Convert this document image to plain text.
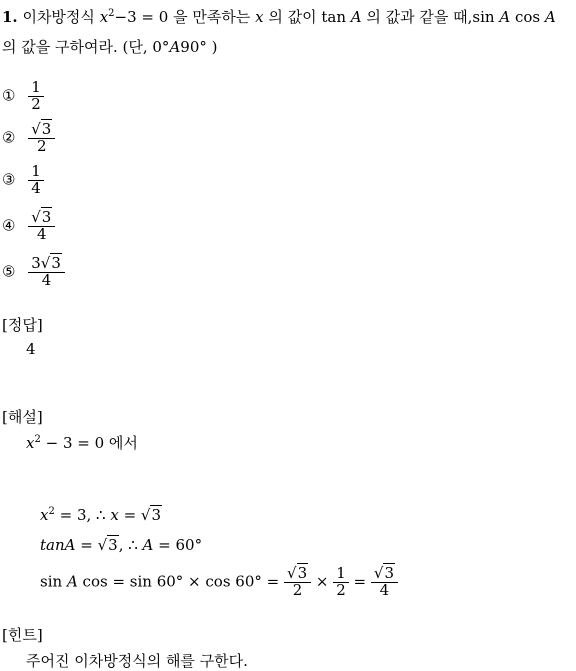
1. 이차방정식 $x^2-3 = 0$ 을 만족하는 x 의 값이 tan A 의 값과 같을 때,sin A cos A
의 값을 구하여라. (단, 0°A90° )
① $\frac{1}{2}$
② $\frac{√3}{2}$
③ $\frac{1}{4}$
④ $\frac{√3}{4}$
⑤ $\frac{3√3}{4}$
[정답]
4
[해설]
$x^2 - 3 = 0$ 에서
$x^2 = 3$, ∴ x = √3
tanA = √3, ∴ A = 60°
sin A $\cos = \sin 60^\circ \times \cos 60^\circ = \frac{√3}{2} \times \frac{1}{2} = \frac{√3}{4}$
[힌트]
주어진 이차방정식의 해를 구한다.
